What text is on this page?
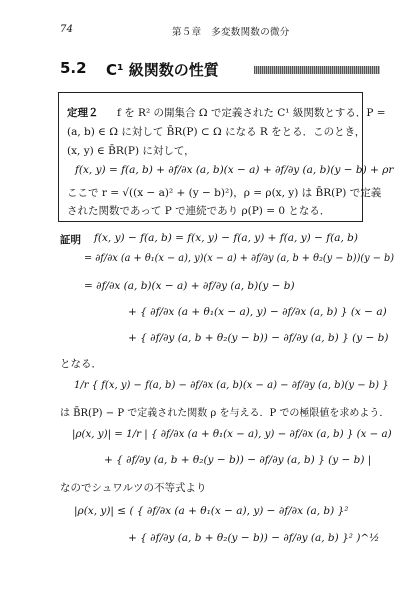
74	第５章　多変数関数の微分
5.2 C¹ 級関数の性質
定理２ f を R² の開集合 Ω で定義された C¹ 級関数とする．P =
(a, b) ∈ Ω に対して B̄R(P) ⊂ Ω になる R をとる．このとき，
(x, y) ∈ B̄R(P) に対して，
f(x, y) = f(a, b) + ∂f/∂x (a, b)(x − a) + ∂f/∂y (a, b)(y − b) + ρr
ここで r = √((x − a)² + (y − b)²)，ρ = ρ(x, y) は B̄R(P) で定義
された関数であって P で連続であり ρ(P) = 0 となる．
証明 f(x, y) − f(a, b) = f(x, y) − f(a, y) + f(a, y) − f(a, b)
= ∂f/∂x (a + θ₁(x − a), y)(x − a) + ∂f/∂y (a, b + θ₂(y − b))(y − b)
= ∂f/∂x (a, b)(x − a) + ∂f/∂y (a, b)(y − b)
+ { ∂f/∂x (a + θ₁(x − a), y) − ∂f/∂x (a, b) } (x − a)
+ { ∂f/∂y (a, b + θ₂(y − b)) − ∂f/∂y (a, b) } (y − b)
となる．
1/r { f(x, y) − f(a, b) − ∂f/∂x (a, b)(x − a) − ∂f/∂y (a, b)(y − b) }
は B̄R(P) − P で定義された関数 ρ を与える．P での極限値を求めよう．
|ρ(x, y)| = 1/r | { ∂f/∂x (a + θ₁(x − a), y) − ∂f/∂x (a, b) } (x − a)
+ { ∂f/∂y (a, b + θ₂(y − b)) − ∂f/∂y (a, b) } (y − b) |
なのでシュワルツの不等式より
|ρ(x, y)| ≤ ( { ∂f/∂x (a + θ₁(x − a), y) − ∂f/∂x (a, b) }²
+ { ∂f/∂y (a, b + θ₂(y − b)) − ∂f/∂y (a, b) }² )^½
